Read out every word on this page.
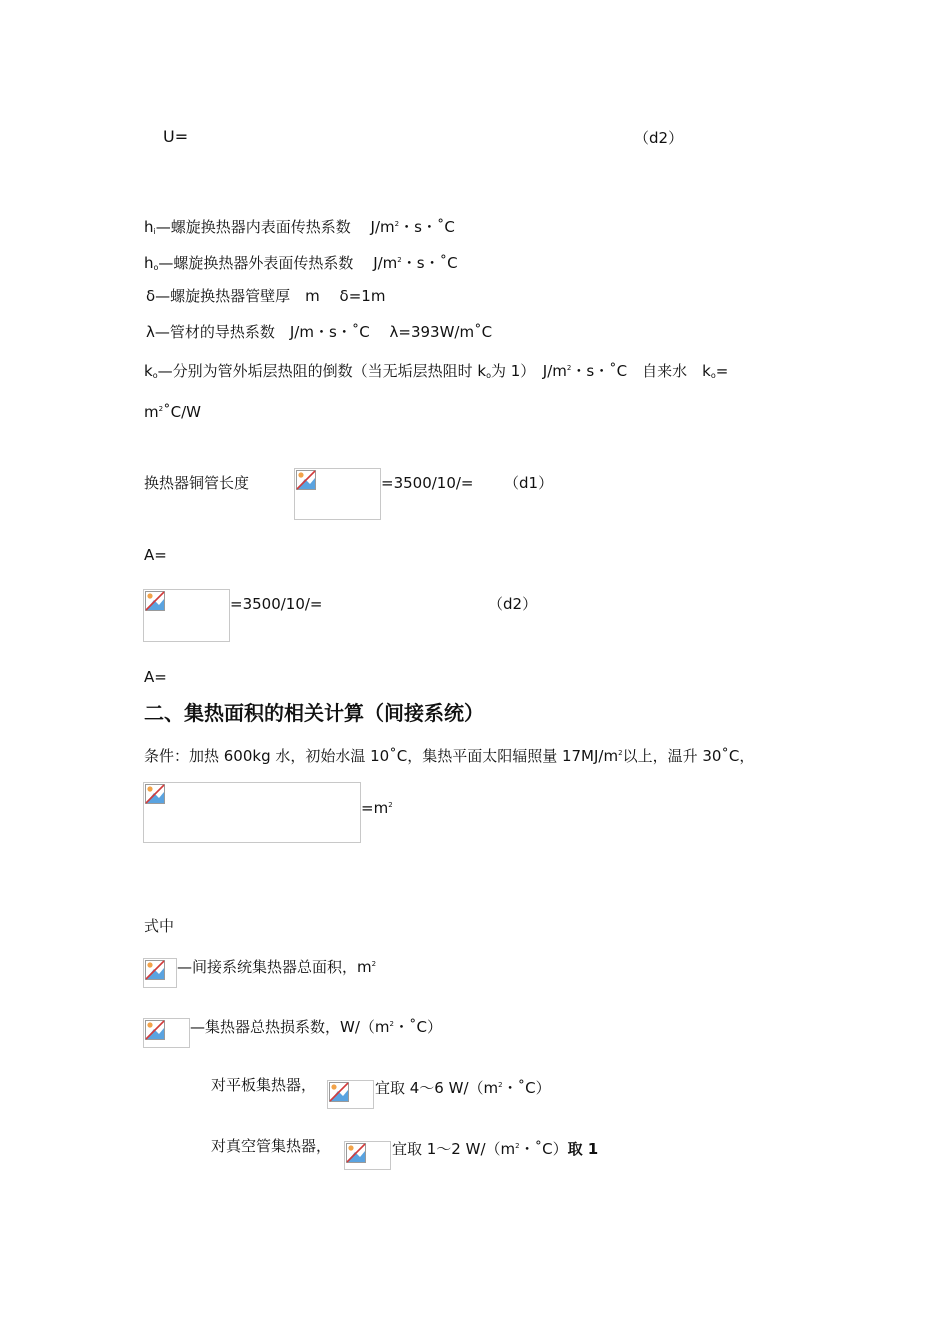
U=	（d2）
$h_i—$螺旋换热器内表面传热系数　 $J/m^2$・s・˚C
$h_o—$螺旋换热器外表面传热系数　 $J/m^2$・s・˚C
δ—螺旋换热器管壁厚　m　 δ=1m
λ—管材的导热系数　J/m・s・˚C　 λ=393W/m˚C
$k_o—$分别为管外垢层热阻的倒数（当无垢层热阻时 $k_o$为 1）　$J/m^2$・s・˚C　自来水　$k_o=$
$m^2˚C/W$
换热器铜管长度	=3500/10/= （d1）
A=
=3500/10/=	（d2）
A=
二、集热面积的相关计算（间接系统）
条件：加热 600kg 水，初始水温 10˚C，集热平面太阳辐照量 $17MJ/m^2$以上，温升 30˚C，
$=m^2$
式中
—间接系统集热器总面积，$m^2$
—集热器总热损系数，$W/(m^2$・˚C）
对平板集热器，	宜取 4～6 $W/(m^2$・˚C）
对真空管集热器，	宜取 1～2 $W/(m^2$・˚C）取 1
